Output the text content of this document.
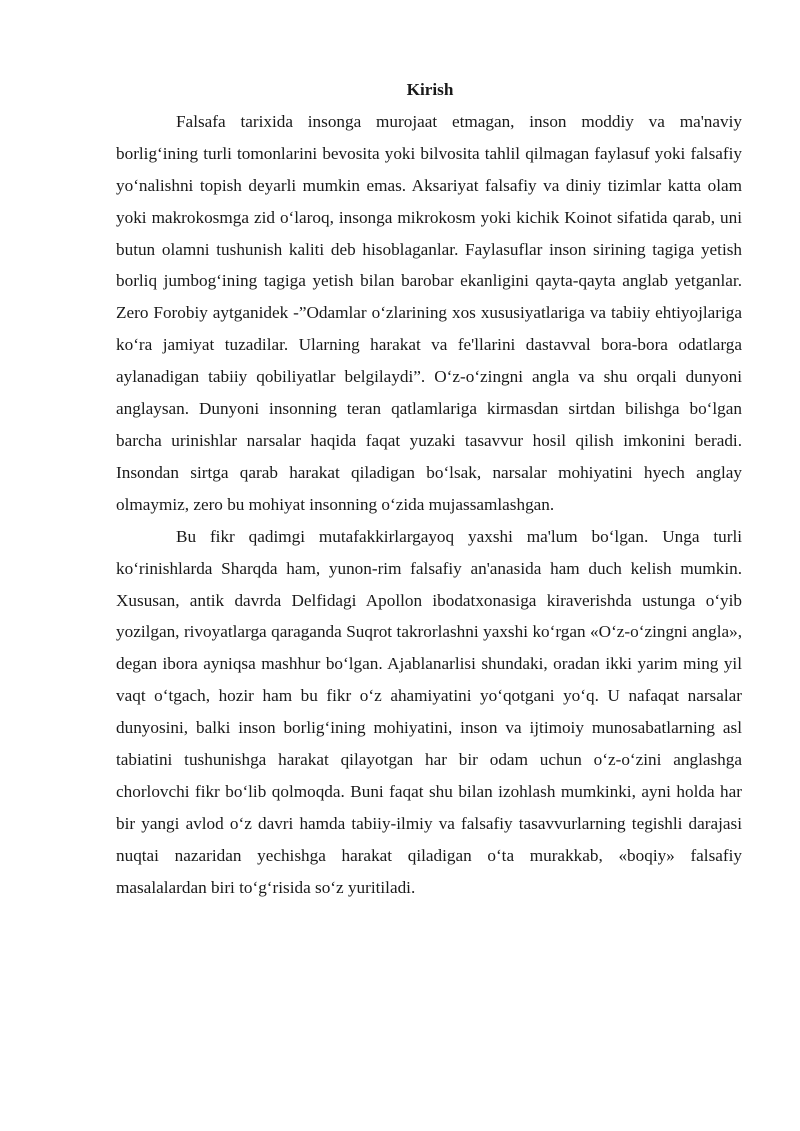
Kirish

Falsafa tarixida insonga murojaat etmagan, inson moddiy va ma'naviy borlig‘ining turli tomonlarini bevosita yoki bilvosita tahlil qilmagan faylasuf yoki falsafiy yo‘nalishni topish deyarli mumkin emas. Aksariyat falsafiy va diniy tizimlar katta olam yoki makrokosmga zid o‘laroq, insonga mikrokosm yoki kichik Koinot sifatida qarab, uni butun olamni tushunish kaliti deb hisoblaganlar. Faylasuflar inson sirining tagiga yetish borliq jumbog‘ining tagiga yetish bilan barobar ekanligini qayta-qayta anglab yetganlar. Zero Forobiy aytganidek -”Odamlar o‘zlarining xos xususiyatlariga va tabiiy ehtiyojlariga ko‘ra jamiyat tuzadilar. Ularning harakat va fe'llarini dastavval bora-bora odatlarga aylanadigan tabiiy qobiliyatlar belgilaydi”. O‘z-o‘zingni angla va shu orqali dunyoni anglaysan. Dunyoni insonning teran qatlamlariga kirmasdan sirtdan bilishga bo‘lgan barcha urinishlar narsalar haqida faqat yuzaki tasavvur hosil qilish imkonini beradi. Insondan sirtga qarab harakat qiladigan bo‘lsak, narsalar mohiyatini hyech anglay olmaymiz, zero bu mohiyat insonning o‘zida mujassamlashgan.

Bu fikr qadimgi mutafakkirlargayoq yaxshi ma'lum bo‘lgan. Unga turli ko‘rinishlarda Sharqda ham, yunon-rim falsafiy an'anasida ham duch kelish mumkin. Xususan, antik davrda Delfidagi Apollon ibodatxonasiga kiraverishda ustunga o‘yib yozilgan, rivoyatlarga qaraganda Suqrot takrorlashni yaxshi ko‘rgan «O‘z-o‘zingni angla», degan ibora ayniqsa mashhur bo‘lgan. Ajablanarlisi shundaki, oradan ikki yarim ming yil vaqt o‘tgach, hozir ham bu fikr o‘z ahamiyatini yo‘qotgani yo‘q. U nafaqat narsalar dunyosini, balki inson borlig‘ining mohiyatini, inson va ijtimoiy munosabatlarning asl tabiatini tushunishga harakat qilayotgan har bir odam uchun o‘z-o‘zini anglashga chorlovchi fikr bo‘lib qolmoqda. Buni faqat shu bilan izohlash mumkinki, ayni holda har bir yangi avlod o‘z davri hamda tabiiy-ilmiy va falsafiy tasavvurlarning tegishli darajasi nuqtai nazaridan yechishga harakat qiladigan o‘ta murakkab, «boqiy» falsafiy masalalardan biri to‘g‘risida so‘z yuritiladi.
